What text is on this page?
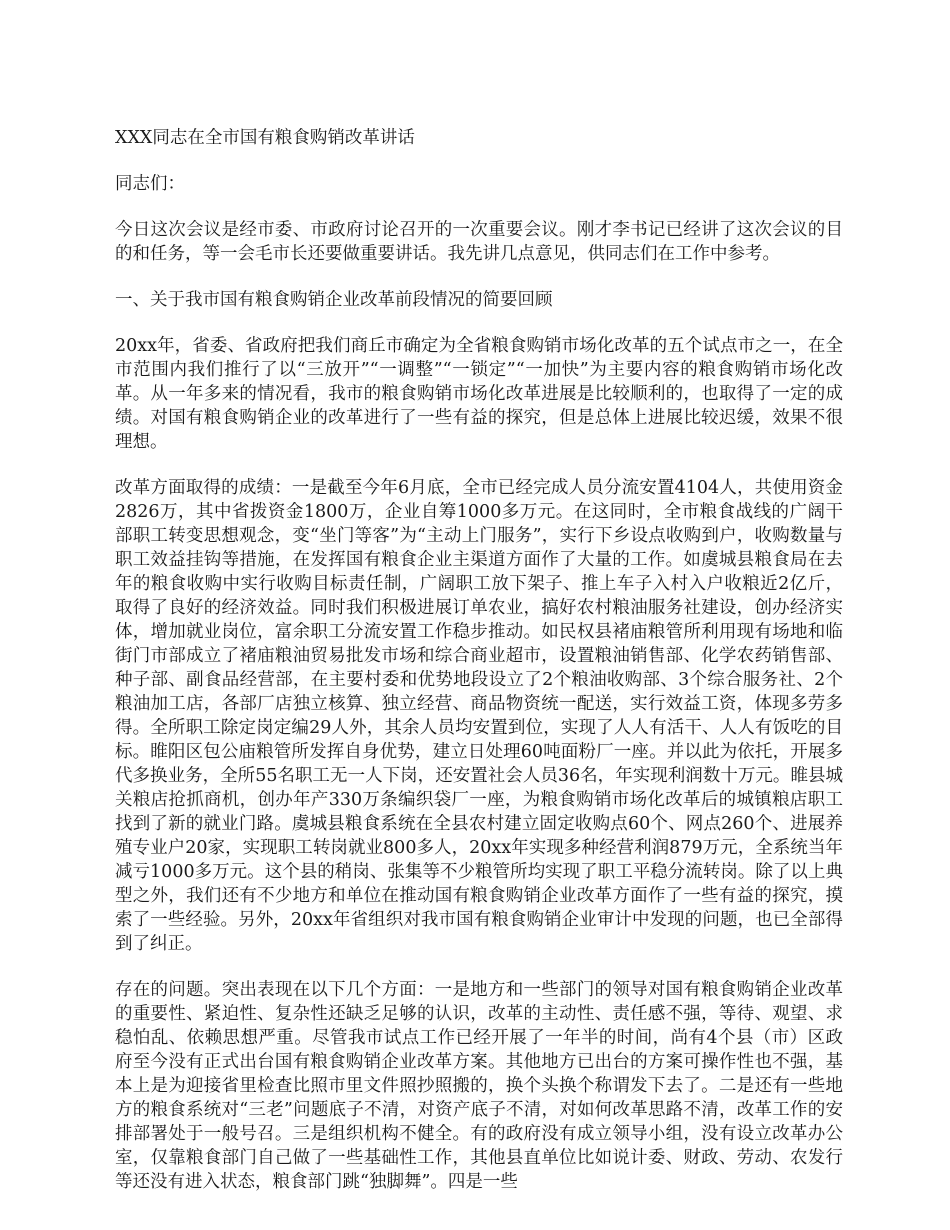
XXX同志在全市国有粮食购销改革讲话

同志们：

今日这次会议是经市委、市政府讨论召开的一次重要会议。刚才李书记已经讲了这次会议的目的和任务，等一会毛市长还要做重要讲话。我先讲几点意见，供同志们在工作中参考。

一、关于我市国有粮食购销企业改革前段情况的简要回顾

20xx年，省委、省政府把我们商丘市确定为全省粮食购销市场化改革的五个试点市之一，在全市范围内我们推行了以“三放开”“一调整”“一锁定”“一加快”为主要内容的粮食购销市场化改革。从一年多来的情况看，我市的粮食购销市场化改革进展是比较顺利的，也取得了一定的成绩。对国有粮食购销企业的改革进行了一些有益的探究，但是总体上进展比较迟缓，效果不很理想。

改革方面取得的成绩：一是截至今年6月底，全市已经完成人员分流安置4104人，共使用资金2826万，其中省拨资金1800万，企业自筹1000多万元。在这同时，全市粮食战线的广阔干部职工转变思想观念，变“坐门等客”为“主动上门服务”，实行下乡设点收购到户，收购数量与职工效益挂钩等措施，在发挥国有粮食企业主渠道方面作了大量的工作。如虞城县粮食局在去年的粮食收购中实行收购目标责任制，广阔职工放下架子、推上车子入村入户收粮近2亿斤，取得了良好的经济效益。同时我们积极进展订单农业，搞好农村粮油服务社建设，创办经济实体，增加就业岗位，富余职工分流安置工作稳步推动。如民权县褚庙粮管所利用现有场地和临街门市部成立了褚庙粮油贸易批发市场和综合商业超市，设置粮油销售部、化学农药销售部、种子部、副食品经营部，在主要村委和优势地段设立了2个粮油收购部、3个综合服务社、2个粮油加工店，各部厂店独立核算、独立经营、商品物资统一配送，实行效益工资，体现多劳多得。全所职工除定岗定编29人外，其余人员均安置到位，实现了人人有活干、人人有饭吃的目标。睢阳区包公庙粮管所发挥自身优势，建立日处理60吨面粉厂一座。并以此为依托，开展多代多换业务，全所55名职工无一人下岗，还安置社会人员36名，年实现利润数十万元。睢县城关粮店抢抓商机，创办年产330万条编织袋厂一座，为粮食购销市场化改革后的城镇粮店职工找到了新的就业门路。虞城县粮食系统在全县农村建立固定收购点60个、网点260个、进展养殖专业户20家，实现职工转岗就业800多人，20xx年实现多种经营利润879万元，全系统当年减亏1000多万元。这个县的稍岗、张集等不少粮管所均实现了职工平稳分流转岗。除了以上典型之外，我们还有不少地方和单位在推动国有粮食购销企业改革方面作了一些有益的探究，摸索了一些经验。另外，20xx年省组织对我市国有粮食购销企业审计中发现的问题，也已全部得到了纠正。

存在的问题。突出表现在以下几个方面：一是地方和一些部门的领导对国有粮食购销企业改革的重要性、紧迫性、复杂性还缺乏足够的认识，改革的主动性、责任感不强，等待、观望、求稳怕乱、依赖思想严重。尽管我市试点工作已经开展了一年半的时间，尚有4个县（市）区政府至今没有正式出台国有粮食购销企业改革方案。其他地方已出台的方案可操作性也不强，基本上是为迎接省里检查比照市里文件照抄照搬的，换个头换个称谓发下去了。二是还有一些地方的粮食系统对“三老”问题底子不清，对资产底子不清，对如何改革思路不清，改革工作的安排部署处于一般号召。三是组织机构不健全。有的政府没有成立领导小组，没有设立改革办公室，仅靠粮食部门自己做了一些基础性工作，其他县直单位比如说计委、财政、劳动、农发行等还没有进入状态，粮食部门跳“独脚舞”。四是一些
